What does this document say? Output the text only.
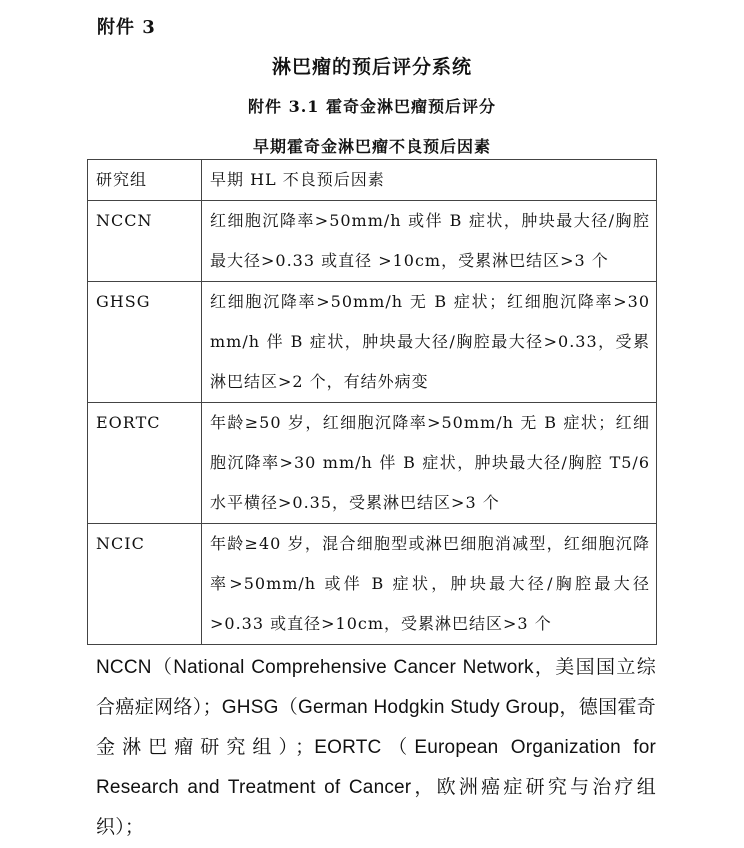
附件 3
淋巴瘤的预后评分系统
附件 3.1 霍奇金淋巴瘤预后评分
早期霍奇金淋巴瘤不良预后因素
研究组	早期 HL 不良预后因素

NCCN	红细胞沉降率>50mm/h 或伴 B 症状，肿块最大径/胸腔最大径>0.33 或直径 >10cm，受累淋巴结区>3 个

GHSG	红细胞沉降率>50mm/h 无 B 症状；红细胞沉降率>30 mm/h 伴 B 症状，肿块最大径/胸腔最大径>0.33，受累淋巴结区>2 个，有结外病变

EORTC	年龄≥50 岁，红细胞沉降率>50mm/h 无 B 症状；红细胞沉降率>30 mm/h 伴 B 症状，肿块最大径/胸腔 T5/6 水平横径>0.35，受累淋巴结区>3 个

NCIC	年龄≥40 岁，混合细胞型或淋巴细胞消减型，红细胞沉降率>50mm/h 或伴 B 症状，肿块最大径/胸腔最大径>0.33 或直径>10cm，受累淋巴结区>3 个
NCCN（National Comprehensive Cancer Network，美国国立综合癌症网络）；GHSG（German Hodgkin Study Group，德国霍奇金淋巴瘤研究组）；EORTC（European Organization for Research and Treatment of Cancer，欧洲癌症研究与治疗组织）；
